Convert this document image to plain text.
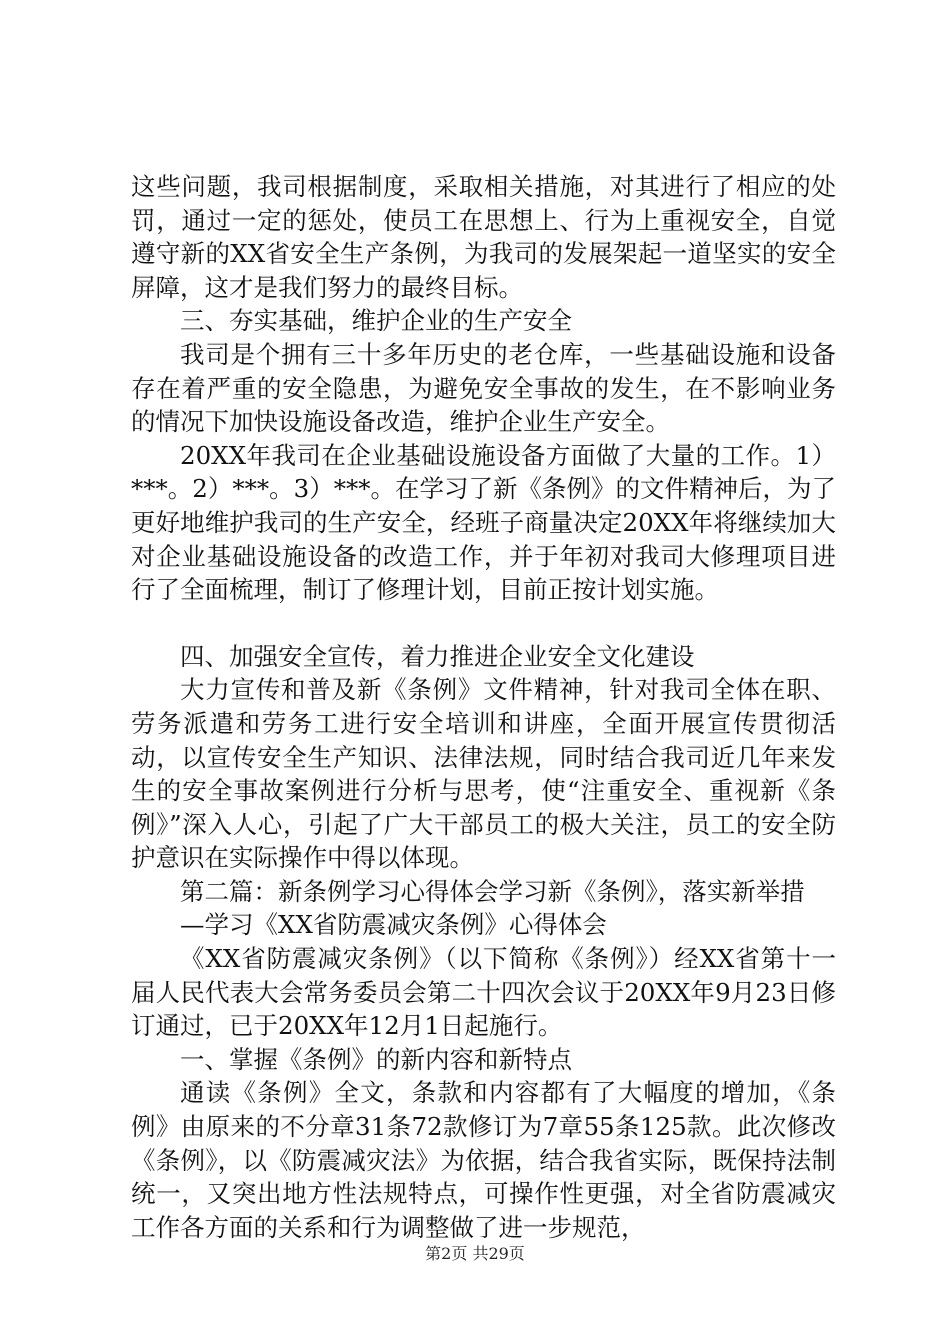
这些问题，我司根据制度，采取相关措施，对其进行了相应的处罚，通过一定的惩处，使员工在思想上、行为上重视安全，自觉遵守新的XX省安全生产条例，为我司的发展架起一道坚实的安全屏障，这才是我们努力的最终目标。

三、夯实基础，维护企业的生产安全

我司是个拥有三十多年历史的老仓库，一些基础设施和设备存在着严重的安全隐患，为避免安全事故的发生，在不影响业务的情况下加快设施设备改造，维护企业生产安全。

20XX年我司在企业基础设施设备方面做了大量的工作。1）***。2）***。3）***。在学习了新《条例》的文件精神后，为了更好地维护我司的生产安全，经班子商量决定20XX年将继续加大对企业基础设施设备的改造工作，并于年初对我司大修理项目进行了全面梳理，制订了修理计划，目前正按计划实施。

四、加强安全宣传，着力推进企业安全文化建设

大力宣传和普及新《条例》文件精神，针对我司全体在职、劳务派遣和劳务工进行安全培训和讲座，全面开展宣传贯彻活动，以宣传安全生产知识、法律法规，同时结合我司近几年来发生的安全事故案例进行分析与思考，使“注重安全、重视新《条例》”深入人心，引起了广大干部员工的极大关注，员工的安全防护意识在实际操作中得以体现。

第二篇：新条例学习心得体会学习新《条例》，落实新举措

—学习《XX省防震减灾条例》心得体会

《XX省防震减灾条例》（以下简称《条例》）经XX省第十一届人民代表大会常务委员会第二十四次会议于20XX年9月23日修订通过，已于20XX年12月1日起施行。

一、掌握《条例》的新内容和新特点

通读《条例》全文，条款和内容都有了大幅度的增加，《条例》由原来的不分章31条72款修订为7章55条125款。此次修改《条例》，以《防震减灾法》为依据，结合我省实际，既保持法制统一，又突出地方性法规特点，可操作性更强，对全省防震减灾工作各方面的关系和行为调整做了进一步规范，

第2页 共29页
